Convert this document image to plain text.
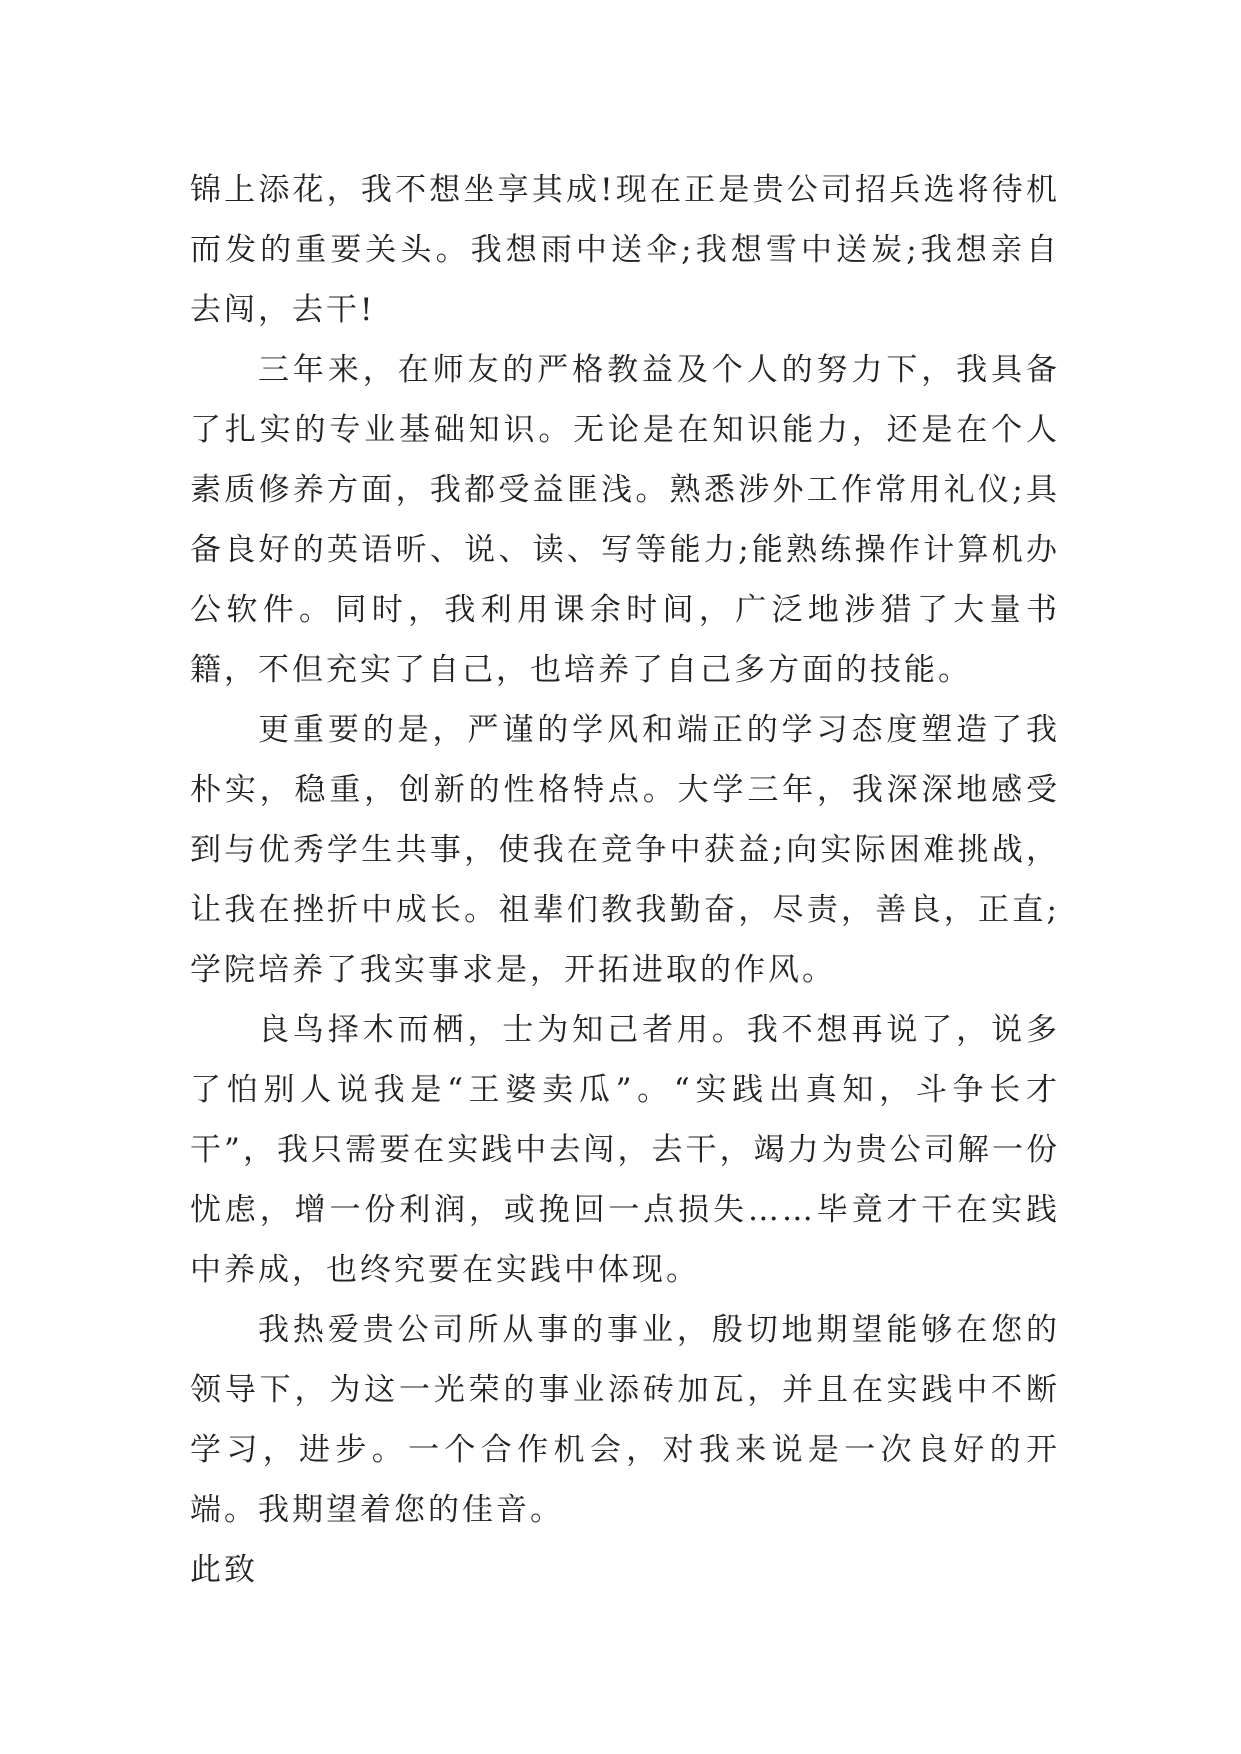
锦上添花，我不想坐享其成!现在正是贵公司招兵选将待机而发的重要关头。我想雨中送伞;我想雪中送炭;我想亲自去闯，去干!

三年来，在师友的严格教益及个人的努力下，我具备了扎实的专业基础知识。无论是在知识能力，还是在个人素质修养方面，我都受益匪浅。熟悉涉外工作常用礼仪;具备良好的英语听、说、读、写等能力;能熟练操作计算机办公软件。同时，我利用课余时间，广泛地涉猎了大量书籍，不但充实了自己，也培养了自己多方面的技能。

更重要的是，严谨的学风和端正的学习态度塑造了我朴实，稳重，创新的性格特点。大学三年，我深深地感受到与优秀学生共事，使我在竞争中获益;向实际困难挑战，让我在挫折中成长。祖辈们教我勤奋，尽责，善良，正直;学院培养了我实事求是，开拓进取的作风。

良鸟择木而栖，士为知己者用。我不想再说了，说多了怕别人说我是“王婆卖瓜”。“实践出真知，斗争长才干”，我只需要在实践中去闯，去干，竭力为贵公司解一份忧虑，增一份利润，或挽回一点损失……毕竟才干在实践中养成，也终究要在实践中体现。

我热爱贵公司所从事的事业，殷切地期望能够在您的领导下，为这一光荣的事业添砖加瓦，并且在实践中不断学习，进步。一个合作机会，对我来说是一次良好的开端。我期望着您的佳音。

此致
